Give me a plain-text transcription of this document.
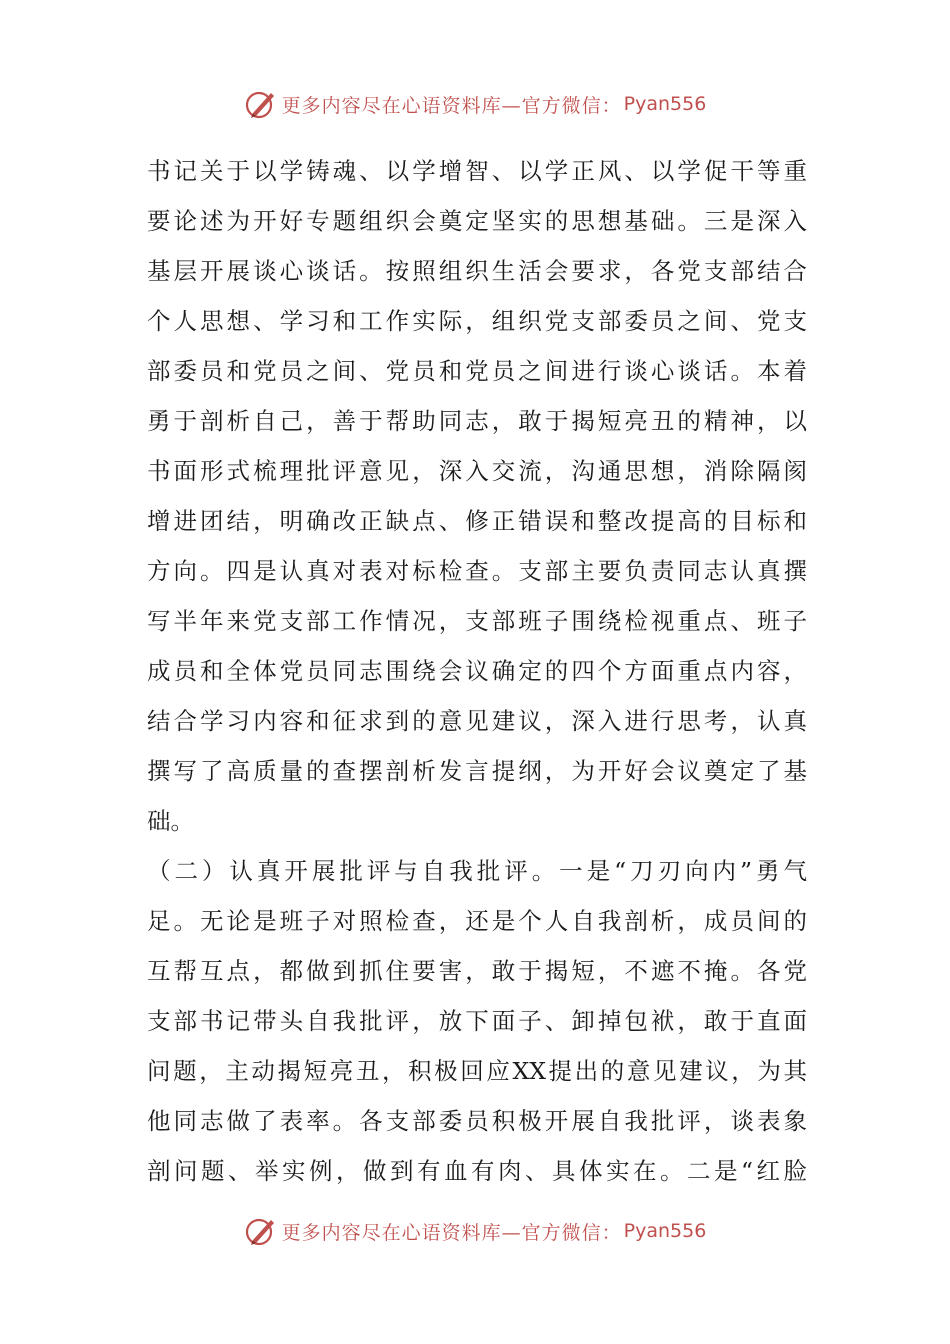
更多内容尽在心语资料库—官方微信： Pyan556
书记关于以学铸魂、以学增智、以学正风、以学促干等重
要论述为开好专题组织会奠定坚实的思想基础。三是深入
基层开展谈心谈话。按照组织生活会要求，各党支部结合
个人思想、学习和工作实际，组织党支部委员之间、党支
部委员和党员之间、党员和党员之间进行谈心谈话。本着
勇于剖析自己，善于帮助同志，敢于揭短亮丑的精神，以
书面形式梳理批评意见，深入交流，沟通思想，消除隔阂
增进团结，明确改正缺点、修正错误和整改提高的目标和
方向。四是认真对表对标检查。支部主要负责同志认真撰
写半年来党支部工作情况，支部班子围绕检视重点、班子
成员和全体党员同志围绕会议确定的四个方面重点内容，
结合学习内容和征求到的意见建议，深入进行思考，认真
撰写了高质量的查摆剖析发言提纲，为开好会议奠定了基
础。
（二）认真开展批评与自我批评。一是“刀刃向内”勇气
足。无论是班子对照检查，还是个人自我剖析，成员间的
互帮互点，都做到抓住要害，敢于揭短，不遮不掩。各党
支部书记带头自我批评，放下面子、卸掉包袱，敢于直面
问题，主动揭短亮丑，积极回应XX提出的意见建议，为其
他同志做了表率。各支部委员积极开展自我批评，谈表象
剖问题、举实例，做到有血有肉、具体实在。二是“红脸
更多内容尽在心语资料库—官方微信： Pyan556
